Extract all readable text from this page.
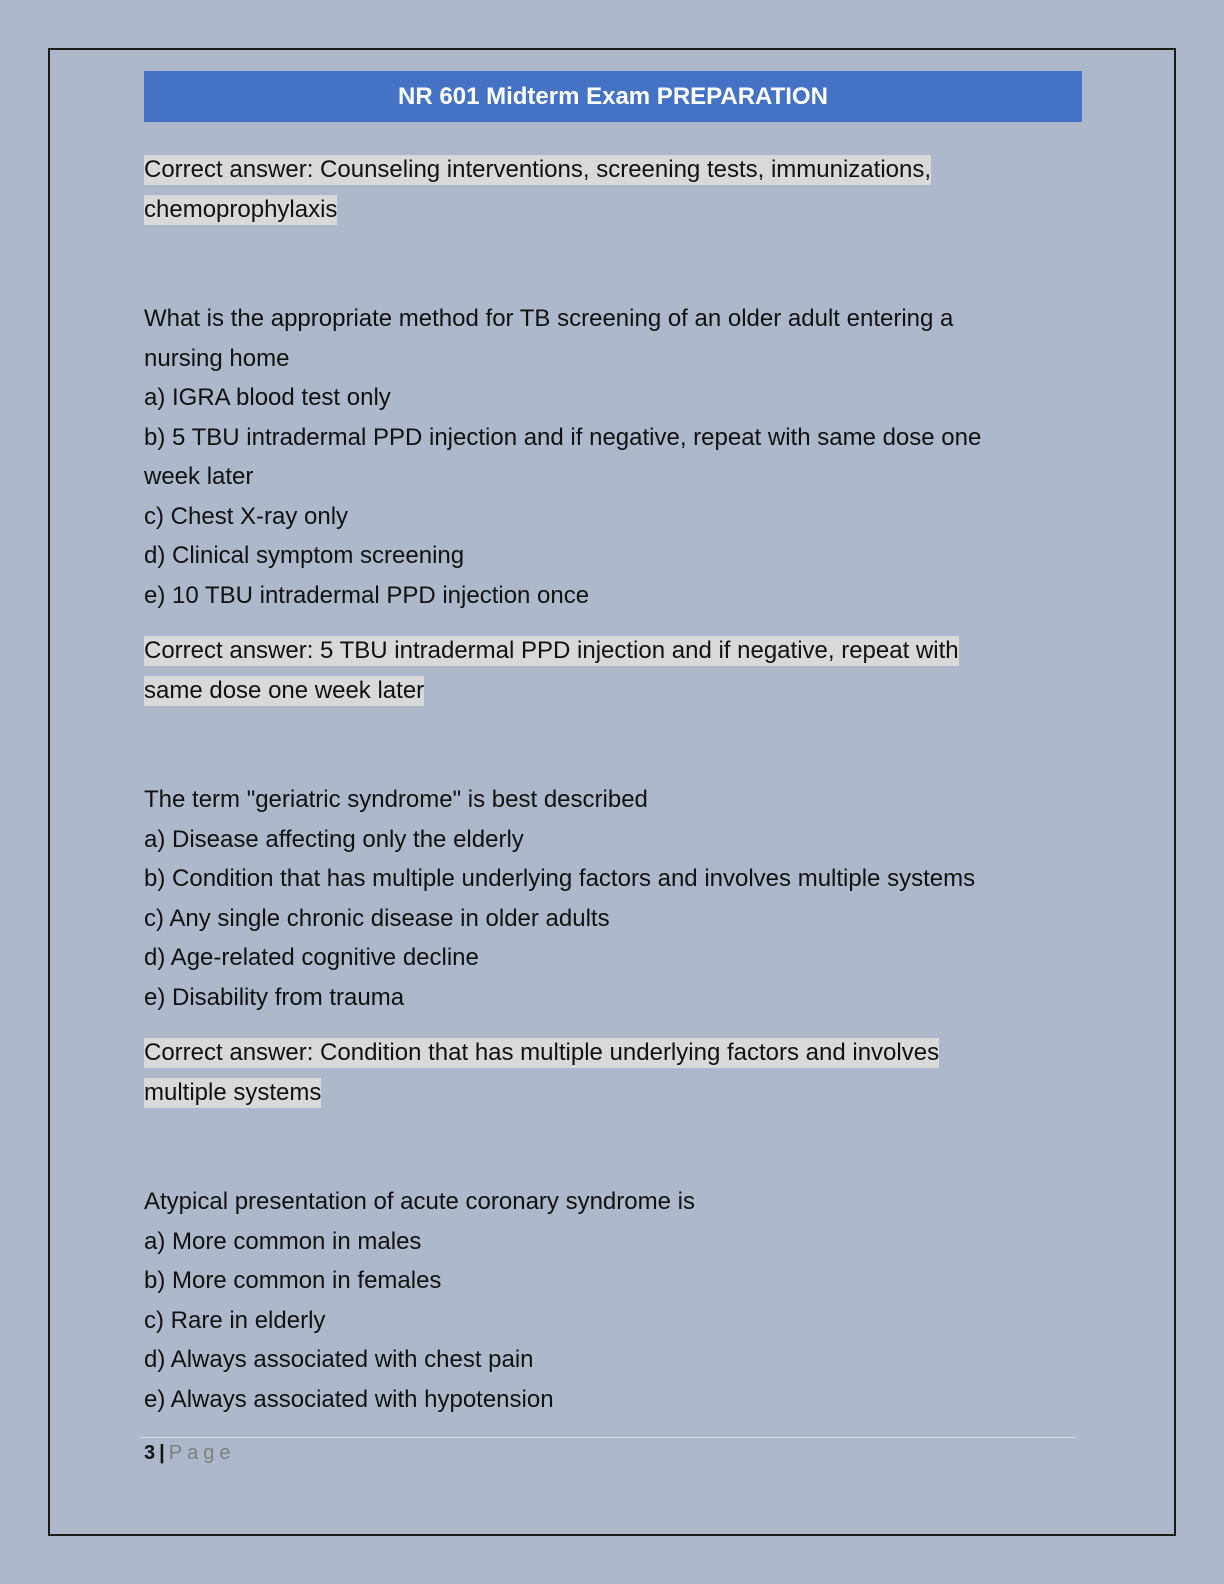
NR 601 Midterm Exam PREPARATION
Correct answer: Counseling interventions, screening tests, immunizations, chemoprophylaxis
What is the appropriate method for TB screening of an older adult entering a nursing home
a) IGRA blood test only
b) 5 TBU intradermal PPD injection and if negative, repeat with same dose one week later
c) Chest X-ray only
d) Clinical symptom screening
e) 10 TBU intradermal PPD injection once
Correct answer: 5 TBU intradermal PPD injection and if negative, repeat with same dose one week later
The term "geriatric syndrome" is best described
a) Disease affecting only the elderly
b) Condition that has multiple underlying factors and involves multiple systems
c) Any single chronic disease in older adults
d) Age-related cognitive decline
e) Disability from trauma
Correct answer: Condition that has multiple underlying factors and involves multiple systems
Atypical presentation of acute coronary syndrome is
a) More common in males
b) More common in females
c) Rare in elderly
d) Always associated with chest pain
e) Always associated with hypotension
3 | Page
